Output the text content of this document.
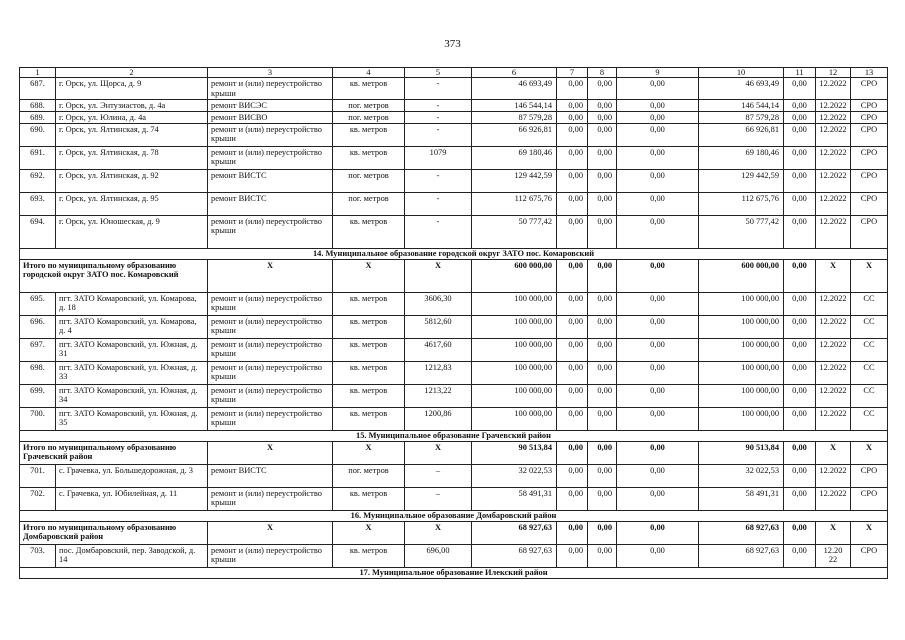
373
1	2	3	4	5	6	7	8	9	10	11	12	13
687.	г. Орск, ул. Щорса, д. 9	ремонт и (или) переустройство крыши	кв. метров	-	46 693,49	0,00	0,00	0,00	46 693,49	0,00	12.2022	СРО
688.	г. Орск, ул. Энтузиастов, д. 4а	ремонт ВИСЭС	пог. метров	-	146 544,14	0,00	0,00	0,00	146 544,14	0,00	12.2022	СРО
689.	г. Орск, ул. Юлина, д. 4а	ремонт ВИСВО	пог. метров	-	87 579,28	0,00	0,00	0,00	87 579,28	0,00	12.2022	СРО
690.	г. Орск, ул. Ялтинская, д. 74	ремонт и (или) переустройство крыши	кв. метров	-	66 926,81	0,00	0,00	0,00	66 926,81	0,00	12.2022	СРО
691.	г. Орск, ул. Ялтинская, д. 78	ремонт и (или) переустройство крыши	кв. метров	1079	69 180,46	0,00	0,00	0,00	69 180,46	0,00	12.2022	СРО
692.	г. Орск, ул. Ялтинская, д. 92	ремонт ВИСТС	пог. метров	-	129 442,59	0,00	0,00	0,00	129 442,59	0,00	12.2022	СРО
693.	г. Орск, ул. Ялтинская, д. 95	ремонт ВИСТС	пог. метров	-	112 675,76	0,00	0,00	0,00	112 675,76	0,00	12.2022	СРО
694.	г. Орск, ул. Юношеская, д. 9	ремонт и (или) переустройство крыши	кв. метров	-	50 777,42	0,00	0,00	0,00	50 777,42	0,00	12.2022	СРО
14. Муниципальное образование городской округ ЗАТО пос. Комаровский												
Итого по муниципальному образованию городской округ ЗАТО пос. Комаровский		X	X	X	600 000,00	0,00	0,00	0,00	600 000,00	0,00	X	X
695.	пгт. ЗАТО Комаровский, ул. Комарова, д. 18	ремонт и (или) переустройство крыши	кв. метров	3606,30	100 000,00	0,00	0,00	0,00	100 000,00	0,00	12.2022	СС
696.	пгт. ЗАТО Комаровский, ул. Комарова, д. 4	ремонт и (или) переустройство крыши	кв. метров	5812,60	100 000,00	0,00	0,00	0,00	100 000,00	0,00	12.2022	СС
697.	пгт. ЗАТО Комаровский, ул. Южная, д. 31	ремонт и (или) переустройство крыши	кв. метров	4617,60	100 000,00	0,00	0,00	0,00	100 000,00	0,00	12.2022	СС
698.	пгт. ЗАТО Комаровский, ул. Южная, д. 33	ремонт и (или) переустройство крыши	кв. метров	1212,83	100 000,00	0,00	0,00	0,00	100 000,00	0,00	12.2022	СС
699.	пгт. ЗАТО Комаровский, ул. Южная, д. 34	ремонт и (или) переустройство крыши	кв. метров	1213,22	100 000,00	0,00	0,00	0,00	100 000,00	0,00	12.2022	СС
700.	пгт. ЗАТО Комаровский, ул. Южная, д. 35	ремонт и (или) переустройство крыши	кв. метров	1200,86	100 000,00	0,00	0,00	0,00	100 000,00	0,00	12.2022	СС
15. Муниципальное образование Грачевский район												
Итого по муниципальному образованию Грачевский район		X	X	X	90 513,84	0,00	0,00	0,00	90 513,84	0,00	X	X
701.	с. Грачевка, ул. Большедорожная, д. 3	ремонт ВИСТС	пог. метров	–	32 022,53	0,00	0,00	0,00	32 022,53	0,00	12.2022	СРО
702.	с. Грачевка, ул. Юбилейная, д. 11	ремонт и (или) переустройство крыши	кв. метров	–	58 491,31	0,00	0,00	0,00	58 491,31	0,00	12.2022	СРО
16. Муниципальное образование Домбаровский район												
Итого по муниципальному образованию Домбаровский район		X	X	X	68 927,63	0,00	0,00	0,00	68 927,63	0,00	X	X
703.	пос. Домбаровский, пер. Заводской, д. 14	ремонт и (или) переустройство крыши	кв. метров	696,00	68 927,63	0,00	0,00	0,00	68 927,63	0,00	12.20 22	СРО
17. Муниципальное образование Илекский район												
